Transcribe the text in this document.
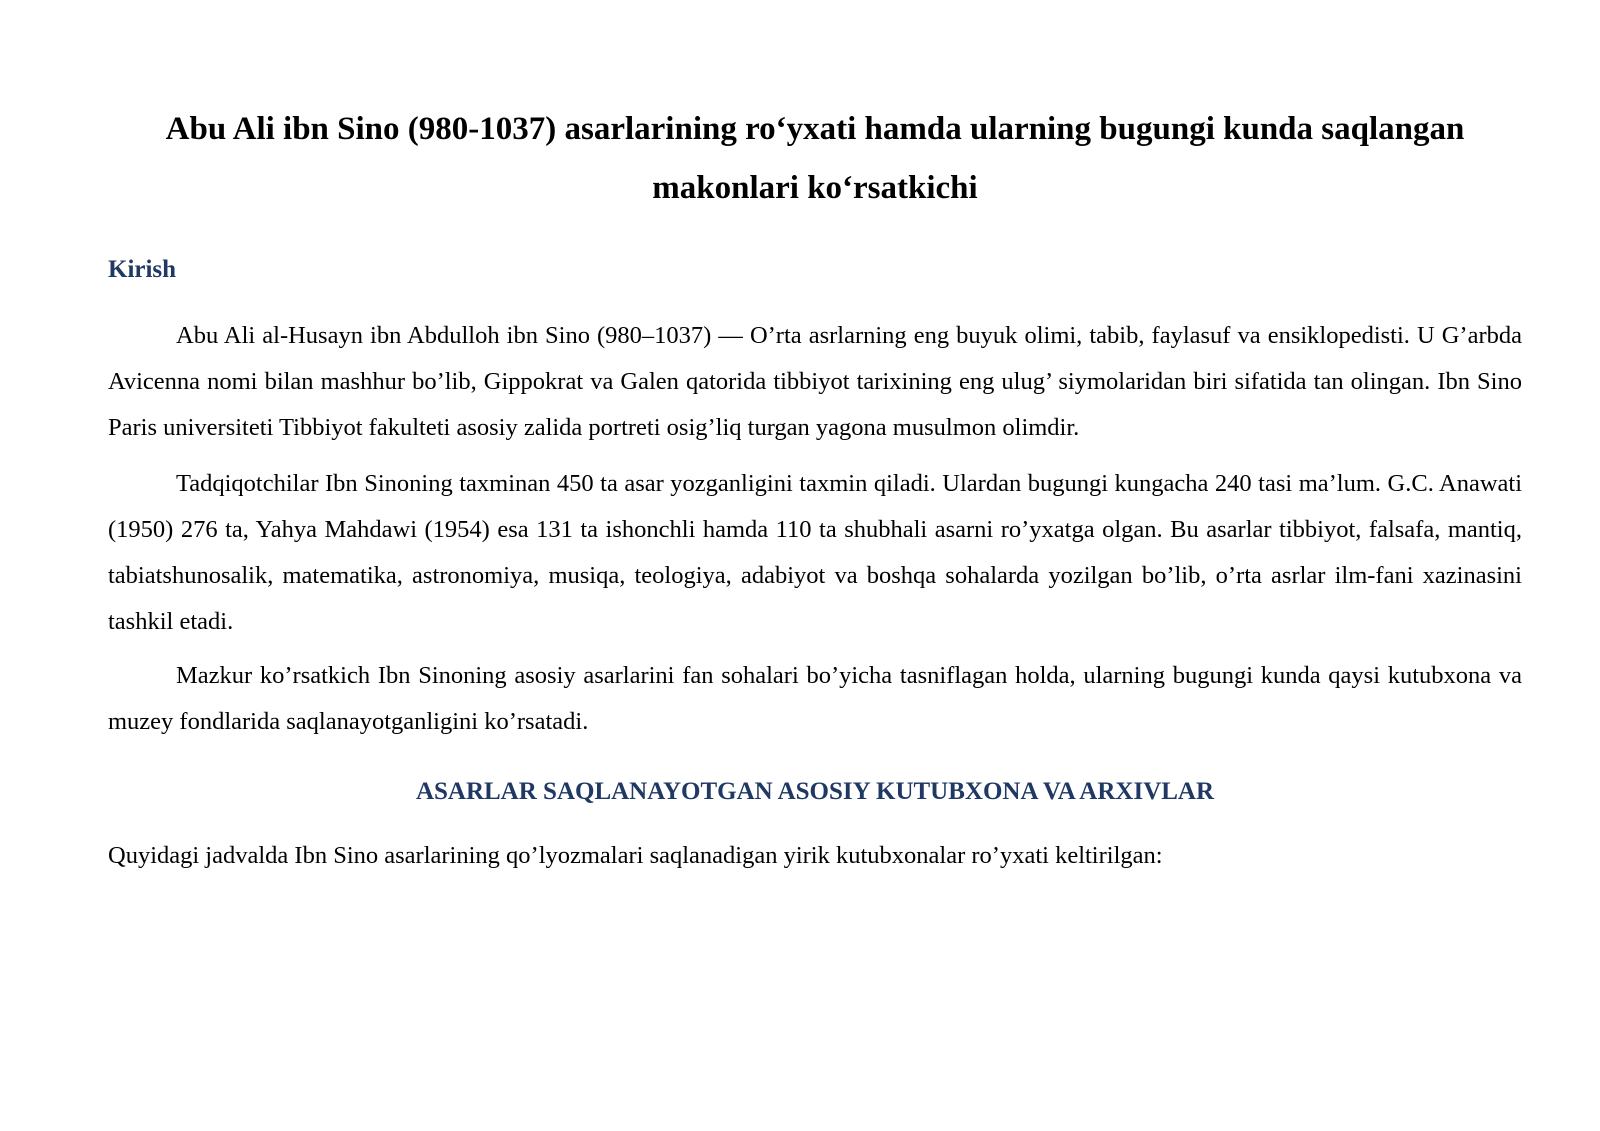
Abu Ali ibn Sino (980-1037) asarlarining ro‘yxati hamda ularning bugungi kunda saqlangan makonlari ko‘rsatkichi
Kirish

Abu Ali al-Husayn ibn Abdulloh ibn Sino (980–1037) — O’rta asrlarning eng buyuk olimi, tabib, faylasuf va ensiklopedisti. U G’arbda Avicenna nomi bilan mashhur bo’lib, Gippokrat va Galen qatorida tibbiyot tarixining eng ulug’ siymolaridan biri sifatida tan olingan. Ibn Sino Paris universiteti Tibbiyot fakulteti asosiy zalida portreti osig’liq turgan yagona musulmon olimdir.

Tadqiqotchilar Ibn Sinoning taxminan 450 ta asar yozganligini taxmin qiladi. Ulardan bugungi kungacha 240 tasi ma’lum. G.C. Anawati (1950) 276 ta, Yahya Mahdawi (1954) esa 131 ta ishonchli hamda 110 ta shubhali asarni ro’yxatga olgan. Bu asarlar tibbiyot, falsafa, mantiq, tabiatshunosalik, matematika, astronomiya, musiqa, teologiya, adabiyot va boshqa sohalarda yozilgan bo’lib, o’rta asrlar ilm-fani xazinasini tashkil etadi.

Mazkur ko’rsatkich Ibn Sinoning asosiy asarlarini fan sohalari bo’yicha tasniflagan holda, ularning bugungi kunda qaysi kutubxona va muzey fondlarida saqlanayotganligini ko’rsatadi.

ASARLAR SAQLANAYOTGAN ASOSIY KUTUBXONA VA ARXIVLAR

Quyidagi jadvalda Ibn Sino asarlarining qo’lyozmalari saqlanadigan yirik kutubxonalar ro’yxati keltirilgan:
